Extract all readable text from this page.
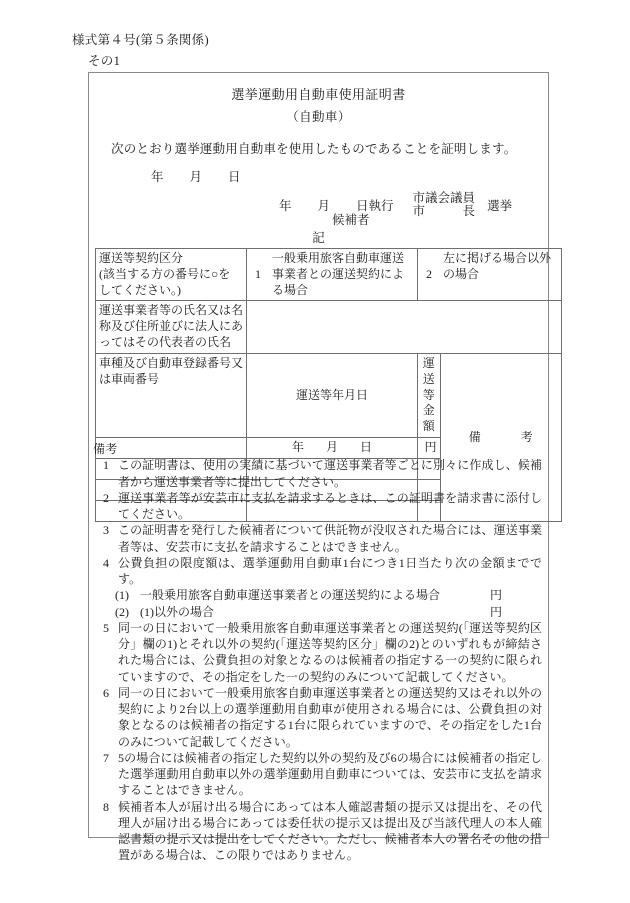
様式第４号(第５条関係)
その1
選挙運動用自動車使用証明書
（自動車）
次のとおり選挙運動用自動車を使用したものであることを証明します。
年 月 日
年 月 日執行
市議会議員
市	長 選挙
候補者
記
運送等契約区分
(該当する方の番号に○を
してください。)	1	一般乗用旅客自動車運送事業者との運送契約による場合	2	左に掲げる場合以外の場合
運送事業者等の氏名又は名称及び住所並びに法人にあってはその代表者の氏名				
車種及び自動車登録番号又は車両番号	運送等年月日		運送等金額	備 考

	年 月 日		円	

備考
1 この証明書は、使用の実績に基づいて運送事業者等ごとに別々に作成し、候補者から運送事業者等に提出してください。

2 運送事業者等が安芸市に支払を請求するときは、この証明書を請求書に添付してください。

3 この証明書を発行した候補者について供託物が没収された場合には、運送事業者等は、安芸市に支払を請求することはできません。

4 公費負担の限度額は、選挙運動用自動車1台につき1日当たり次の金額までです。

(1) 一般乗用旅客自動車運送事業者との運送契約による場合	円
(2) (1)以外の場合	円
5 同一の日において一般乗用旅客自動車運送事業者との運送契約(「運送等契約区分」欄の1)とそれ以外の契約(「運送等契約区分」欄の2)とのいずれもが締結された場合には、公費負担の対象となるのは候補者の指定する一の契約に限られていますので、その指定をした一の契約のみについて記載してください。

6 同一の日において一般乗用旅客自動車運送事業者との運送契約又はそれ以外の契約により2台以上の選挙運動用自動車が使用される場合には、公費負担の対象となるのは候補者の指定する1台に限られていますので、その指定をした1台のみについて記載してください。

7 5の場合には候補者の指定した契約以外の契約及び6の場合には候補者の指定した選挙運動用自動車以外の選挙運動用自動車については、安芸市に支払を請求することはできません。

8 候補者本人が届け出る場合にあっては本人確認書類の提示又は提出を、その代理人が届け出る場合にあっては委任状の提示又は提出及び当該代理人の本人確認書類の提示又は提出をしてください。ただし、候補者本人の署名その他の措置がある場合は、この限りではありません。
